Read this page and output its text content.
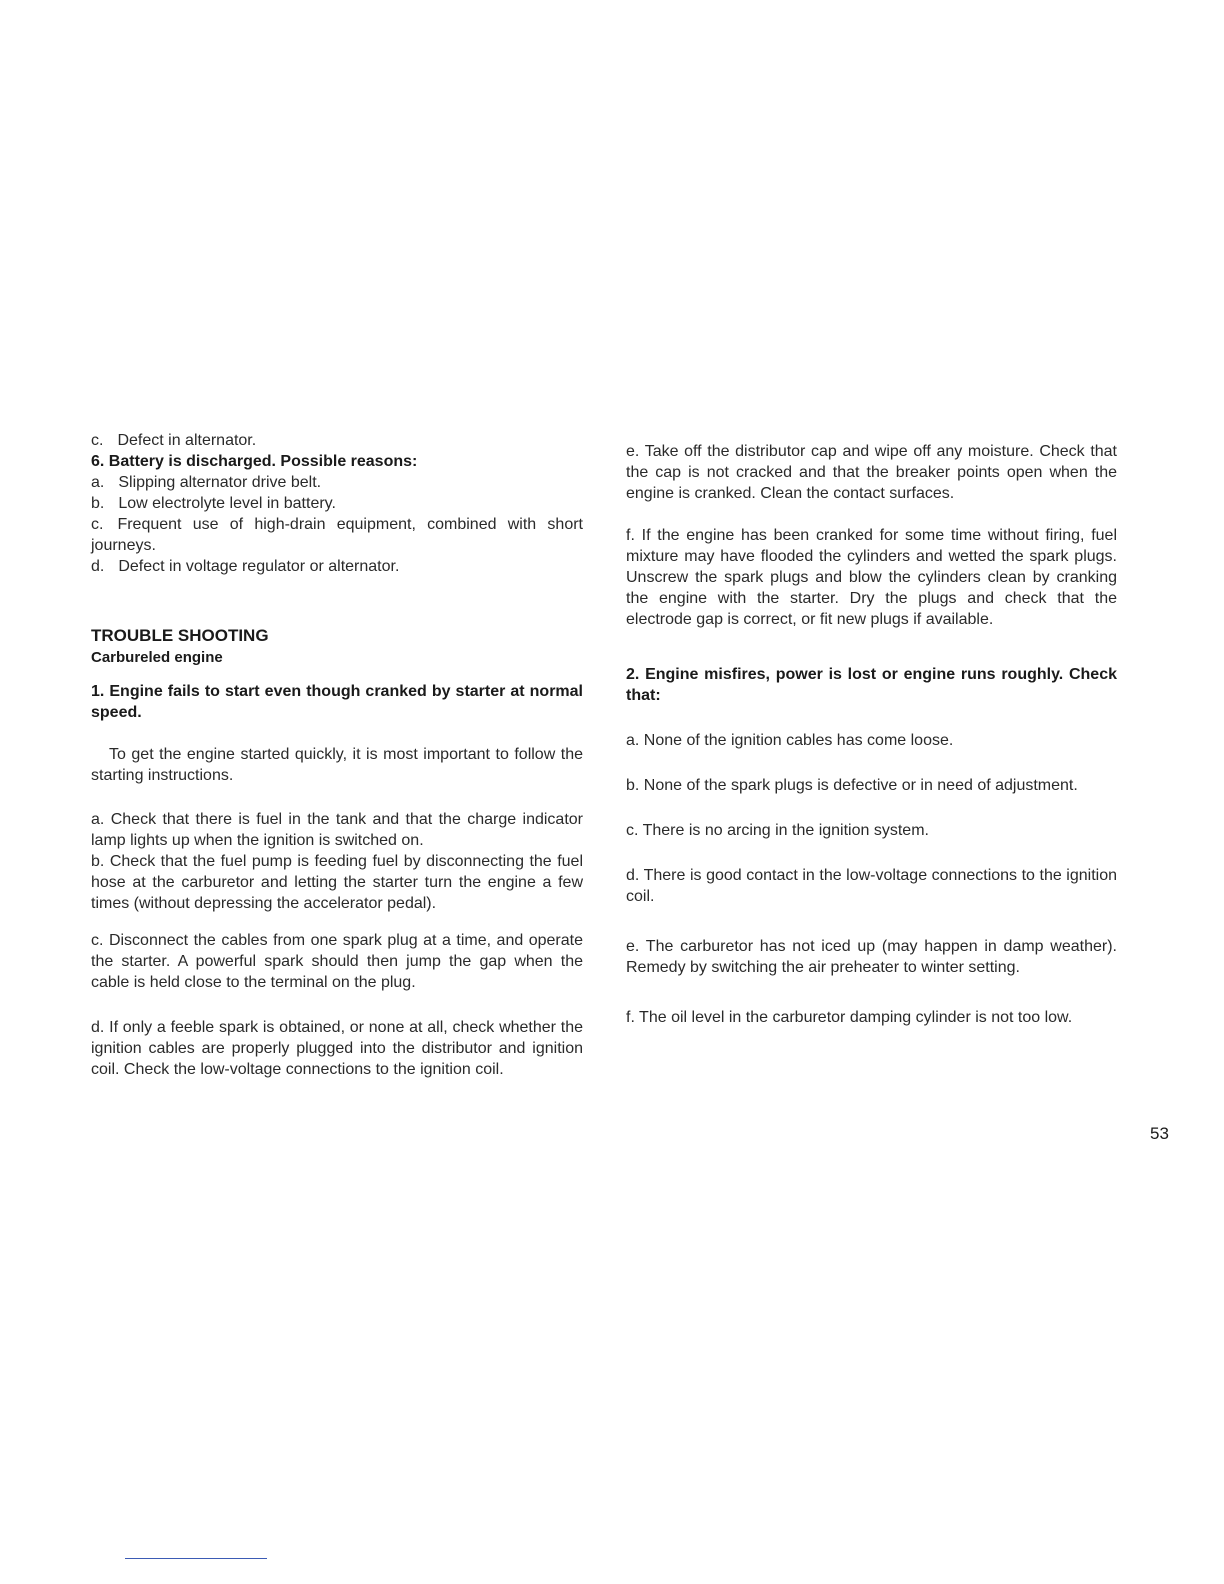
c. Defect in alternator.

6. Battery is discharged. Possible reasons:

a. Slipping alternator drive belt.

b. Low electrolyte level in battery.

c. Frequent use of high-drain equipment, combined with short journeys.

d. Defect in voltage regulator or alternator.

TROUBLE SHOOTING
Carbureled engine

1. Engine fails to start even though cranked by starter at normal speed.

To get the engine started quickly, it is most important to follow the starting instructions.

a. Check that there is fuel in the tank and that the charge indicator lamp lights up when the ignition is switched on.

b. Check that the fuel pump is feeding fuel by disconnecting the fuel hose at the carburetor and letting the starter turn the engine a few times (without depressing the accelerator pedal).

c. Disconnect the cables from one spark plug at a time, and operate the starter. A powerful spark should then jump the gap when the cable is held close to the terminal on the plug.

d. If only a feeble spark is obtained, or none at all, check whether the ignition cables are properly plugged into the distributor and ignition coil. Check the low-voltage connections to the ignition coil.

e. Take off the distributor cap and wipe off any moisture. Check that the cap is not cracked and that the breaker points open when the engine is cranked. Clean the contact surfaces.

f. If the engine has been cranked for some time without firing, fuel mixture may have flooded the cylinders and wetted the spark plugs. Unscrew the spark plugs and blow the cylinders clean by cranking the engine with the starter. Dry the plugs and check that the electrode gap is correct, or fit new plugs if available.

2. Engine misfires, power is lost or engine runs roughly. Check that:

a. None of the ignition cables has come loose.

b. None of the spark plugs is defective or in need of adjustment.

c. There is no arcing in the ignition system.

d. There is good contact in the low-voltage connections to the ignition coil.

e. The carburetor has not iced up (may happen in damp weather). Remedy by switching the air preheater to winter setting.

f. The oil level in the carburetor damping cylinder is not too low.

53
